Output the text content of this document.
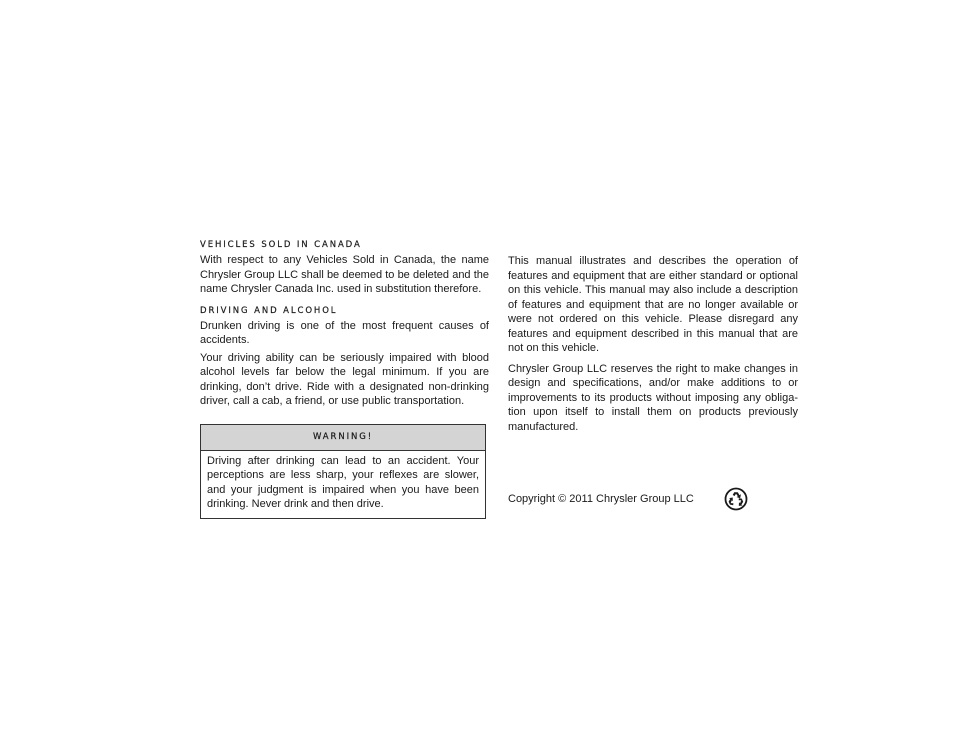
VEHICLES SOLD IN CANADA

With respect to any Vehicles Sold in Canada, the name Chrysler Group LLC shall be deemed to be deleted and the name Chrysler Canada Inc. used in substitution therefore.

DRIVING AND ALCOHOL

Drunken driving is one of the most frequent causes of accidents.

Your driving ability can be seriously impaired with blood alcohol levels far below the legal minimum. If you are drinking, don’t drive. Ride with a designated non-drinking driver, call a cab, a friend, or use public transportation.

WARNING!

Driving after drinking can lead to an accident. Your perceptions are less sharp, your reflexes are slower, and your judgment is impaired when you have been drinking. Never drink and then drive.

This manual illustrates and describes the operation of features and equipment that are either standard or optional on this vehicle. This manual may also include a description of features and equipment that are no longer available or were not ordered on this vehicle. Please disregard any features and equipment described in this manual that are not on this vehicle.

Chrysler Group LLC reserves the right to make changes in design and specifications, and/or make additions to or improvements to its products without imposing any obliga- tion upon itself to install them on products previously manufactured.

Copyright © 2011 Chrysler Group LLC
